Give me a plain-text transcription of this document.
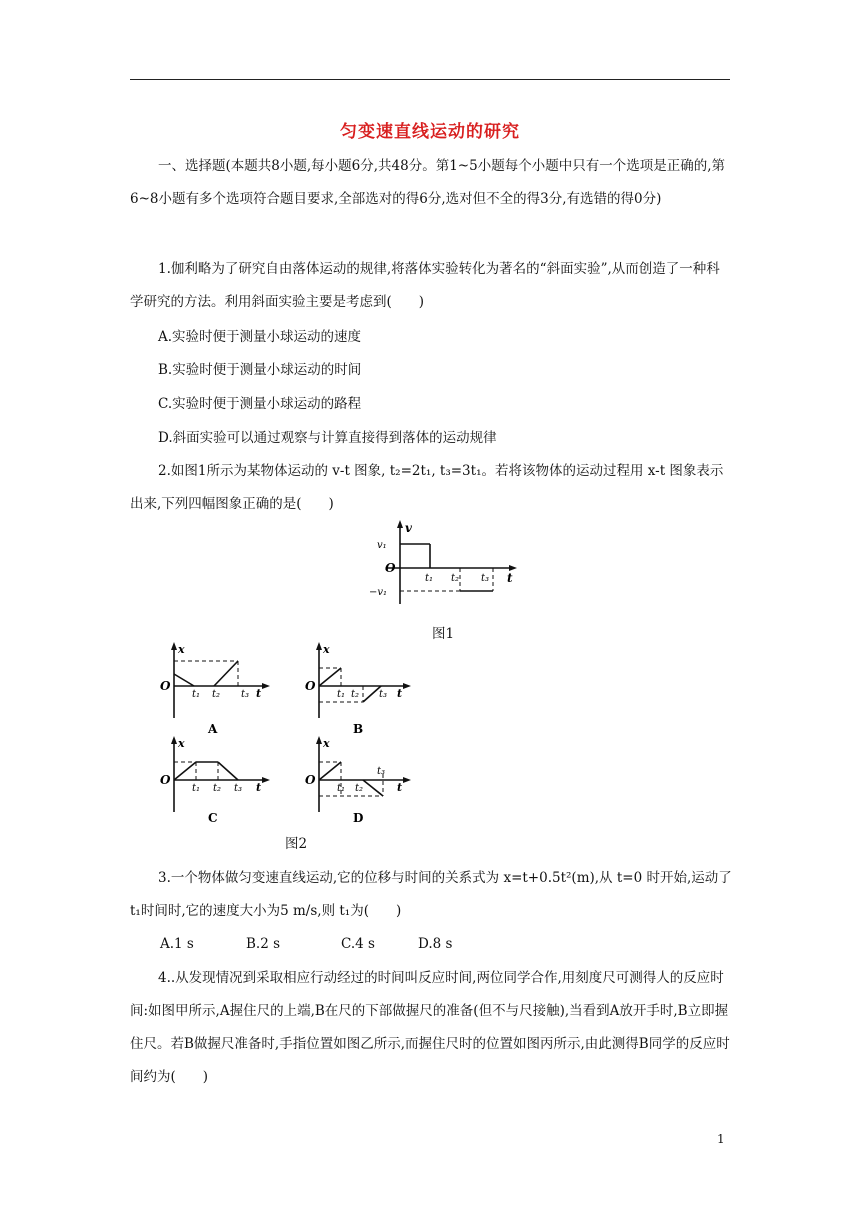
匀变速直线运动的研究
一、选择题(本题共8小题,每小题6分,共48分。第1~5小题每个小题中只有一个选项是正确的,第6~8小题有多个选项符合题目要求,全部选对的得6分,选对但不全的得3分,有选错的得0分)
1.伽利略为了研究自由落体运动的规律,将落体实验转化为著名的“斜面实验”,从而创造了一种科学研究的方法。利用斜面实验主要是考虑到(　　)
A.实验时便于测量小球运动的速度
B.实验时便于测量小球运动的时间
C.实验时便于测量小球运动的路程
D.斜面实验可以通过观察与计算直接得到落体的运动规律
2.如图1所示为某物体运动的 v-t 图象, t₂=2t₁, t₃=3t₁。若将该物体的运动过程用 x-t 图象表示出来,下列四幅图象正确的是(　　)
v
v₁
O
−v₁
t
t₁ t₂ t₃
图1
x
O
t₁ t₂ t₃ t
A
x
O
t₁ t₂ t₃ t
B
x
O
t₁ t₂ t₃ t
C
x
O
t₁ t₂
t₃
t
D
图2
3.一个物体做匀变速直线运动,它的位移与时间的关系式为 x=t+0.5t²(m),从 t=0 时开始,运动了 t₁时间时,它的速度大小为5 m/s,则 t₁为(　　)
A.1 s	B.2 s	C.4 s	D.8 s
4..从发现情况到采取相应行动经过的时间叫反应时间,两位同学合作,用刻度尺可测得人的反应时间:如图甲所示,A握住尺的上端,B在尺的下部做握尺的准备(但不与尺接触),当看到A放开手时,B立即握住尺。若B做握尺准备时,手指位置如图乙所示,而握住尺时的位置如图丙所示,由此测得B同学的反应时间约为(　　)
1
